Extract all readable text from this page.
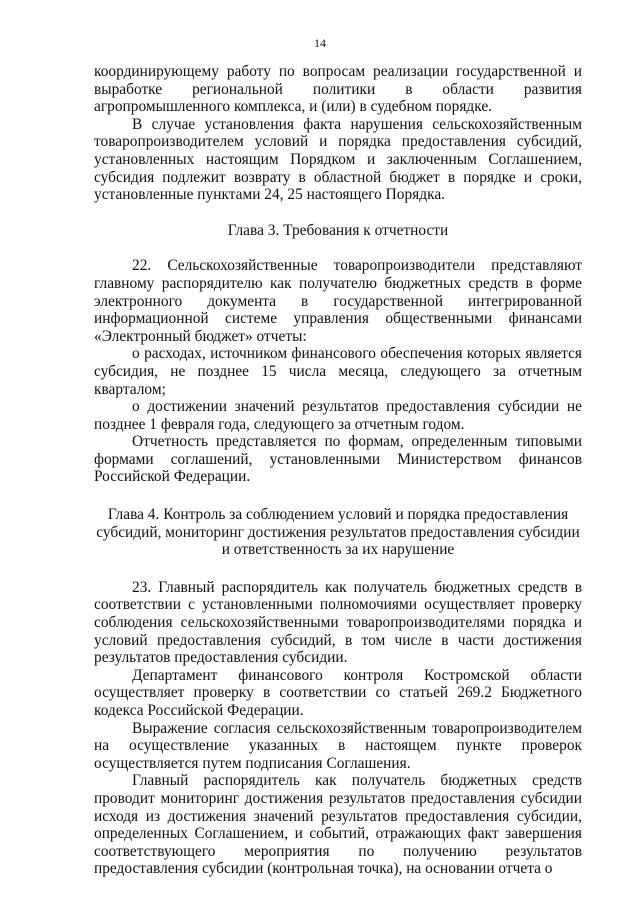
14

координирующему работу по вопросам реализации государственной и выработке региональной политики в области развития агропромышленного комплекса, и (или) в судебном порядке.

В случае установления факта нарушения сельскохозяйственным товаропроизводителем условий и порядка предоставления субсидий, установленных настоящим Порядком и заключенным Соглашением, субсидия подлежит возврату в областной бюджет в порядке и сроки, установленные пунктами 24, 25 настоящего Порядка.

Глава 3. Требования к отчетности

22. Сельскохозяйственные товаропроизводители представляют главному распорядителю как получателю бюджетных средств в форме электронного документа в государственной интегрированной информационной системе управления общественными финансами «Электронный бюджет» отчеты:

о расходах, источником финансового обеспечения которых является субсидия, не позднее 15 числа месяца, следующего за отчетным кварталом;

о достижении значений результатов предоставления субсидии не позднее 1 февраля года, следующего за отчетным годом.

Отчетность представляется по формам, определенным типовыми формами соглашений, установленными Министерством финансов Российской Федерации.

Глава 4. Контроль за соблюдением условий и порядка предоставления
субсидий, мониторинг достижения результатов предоставления субсидии
и ответственность за их нарушение

23. Главный распорядитель как получатель бюджетных средств в соответствии с установленными полномочиями осуществляет проверку соблюдения сельскохозяйственными товаропроизводителями порядка и условий предоставления субсидий, в том числе в части достижения результатов предоставления субсидии.

Департамент финансового контроля Костромской области осуществляет проверку в соответствии со статьей 269.2 Бюджетного кодекса Российской Федерации.

Выражение согласия сельскохозяйственным товаропроизводителем на осуществление указанных в настоящем пункте проверок осуществляется путем подписания Соглашения.

Главный распорядитель как получатель бюджетных средств проводит мониторинг достижения результатов предоставления субсидии исходя из достижения значений результатов предоставления субсидии, определенных Соглашением, и событий, отражающих факт завершения соответствующего мероприятия по получению результатов предоставления субсидии (контрольная точка), на основании отчета о
